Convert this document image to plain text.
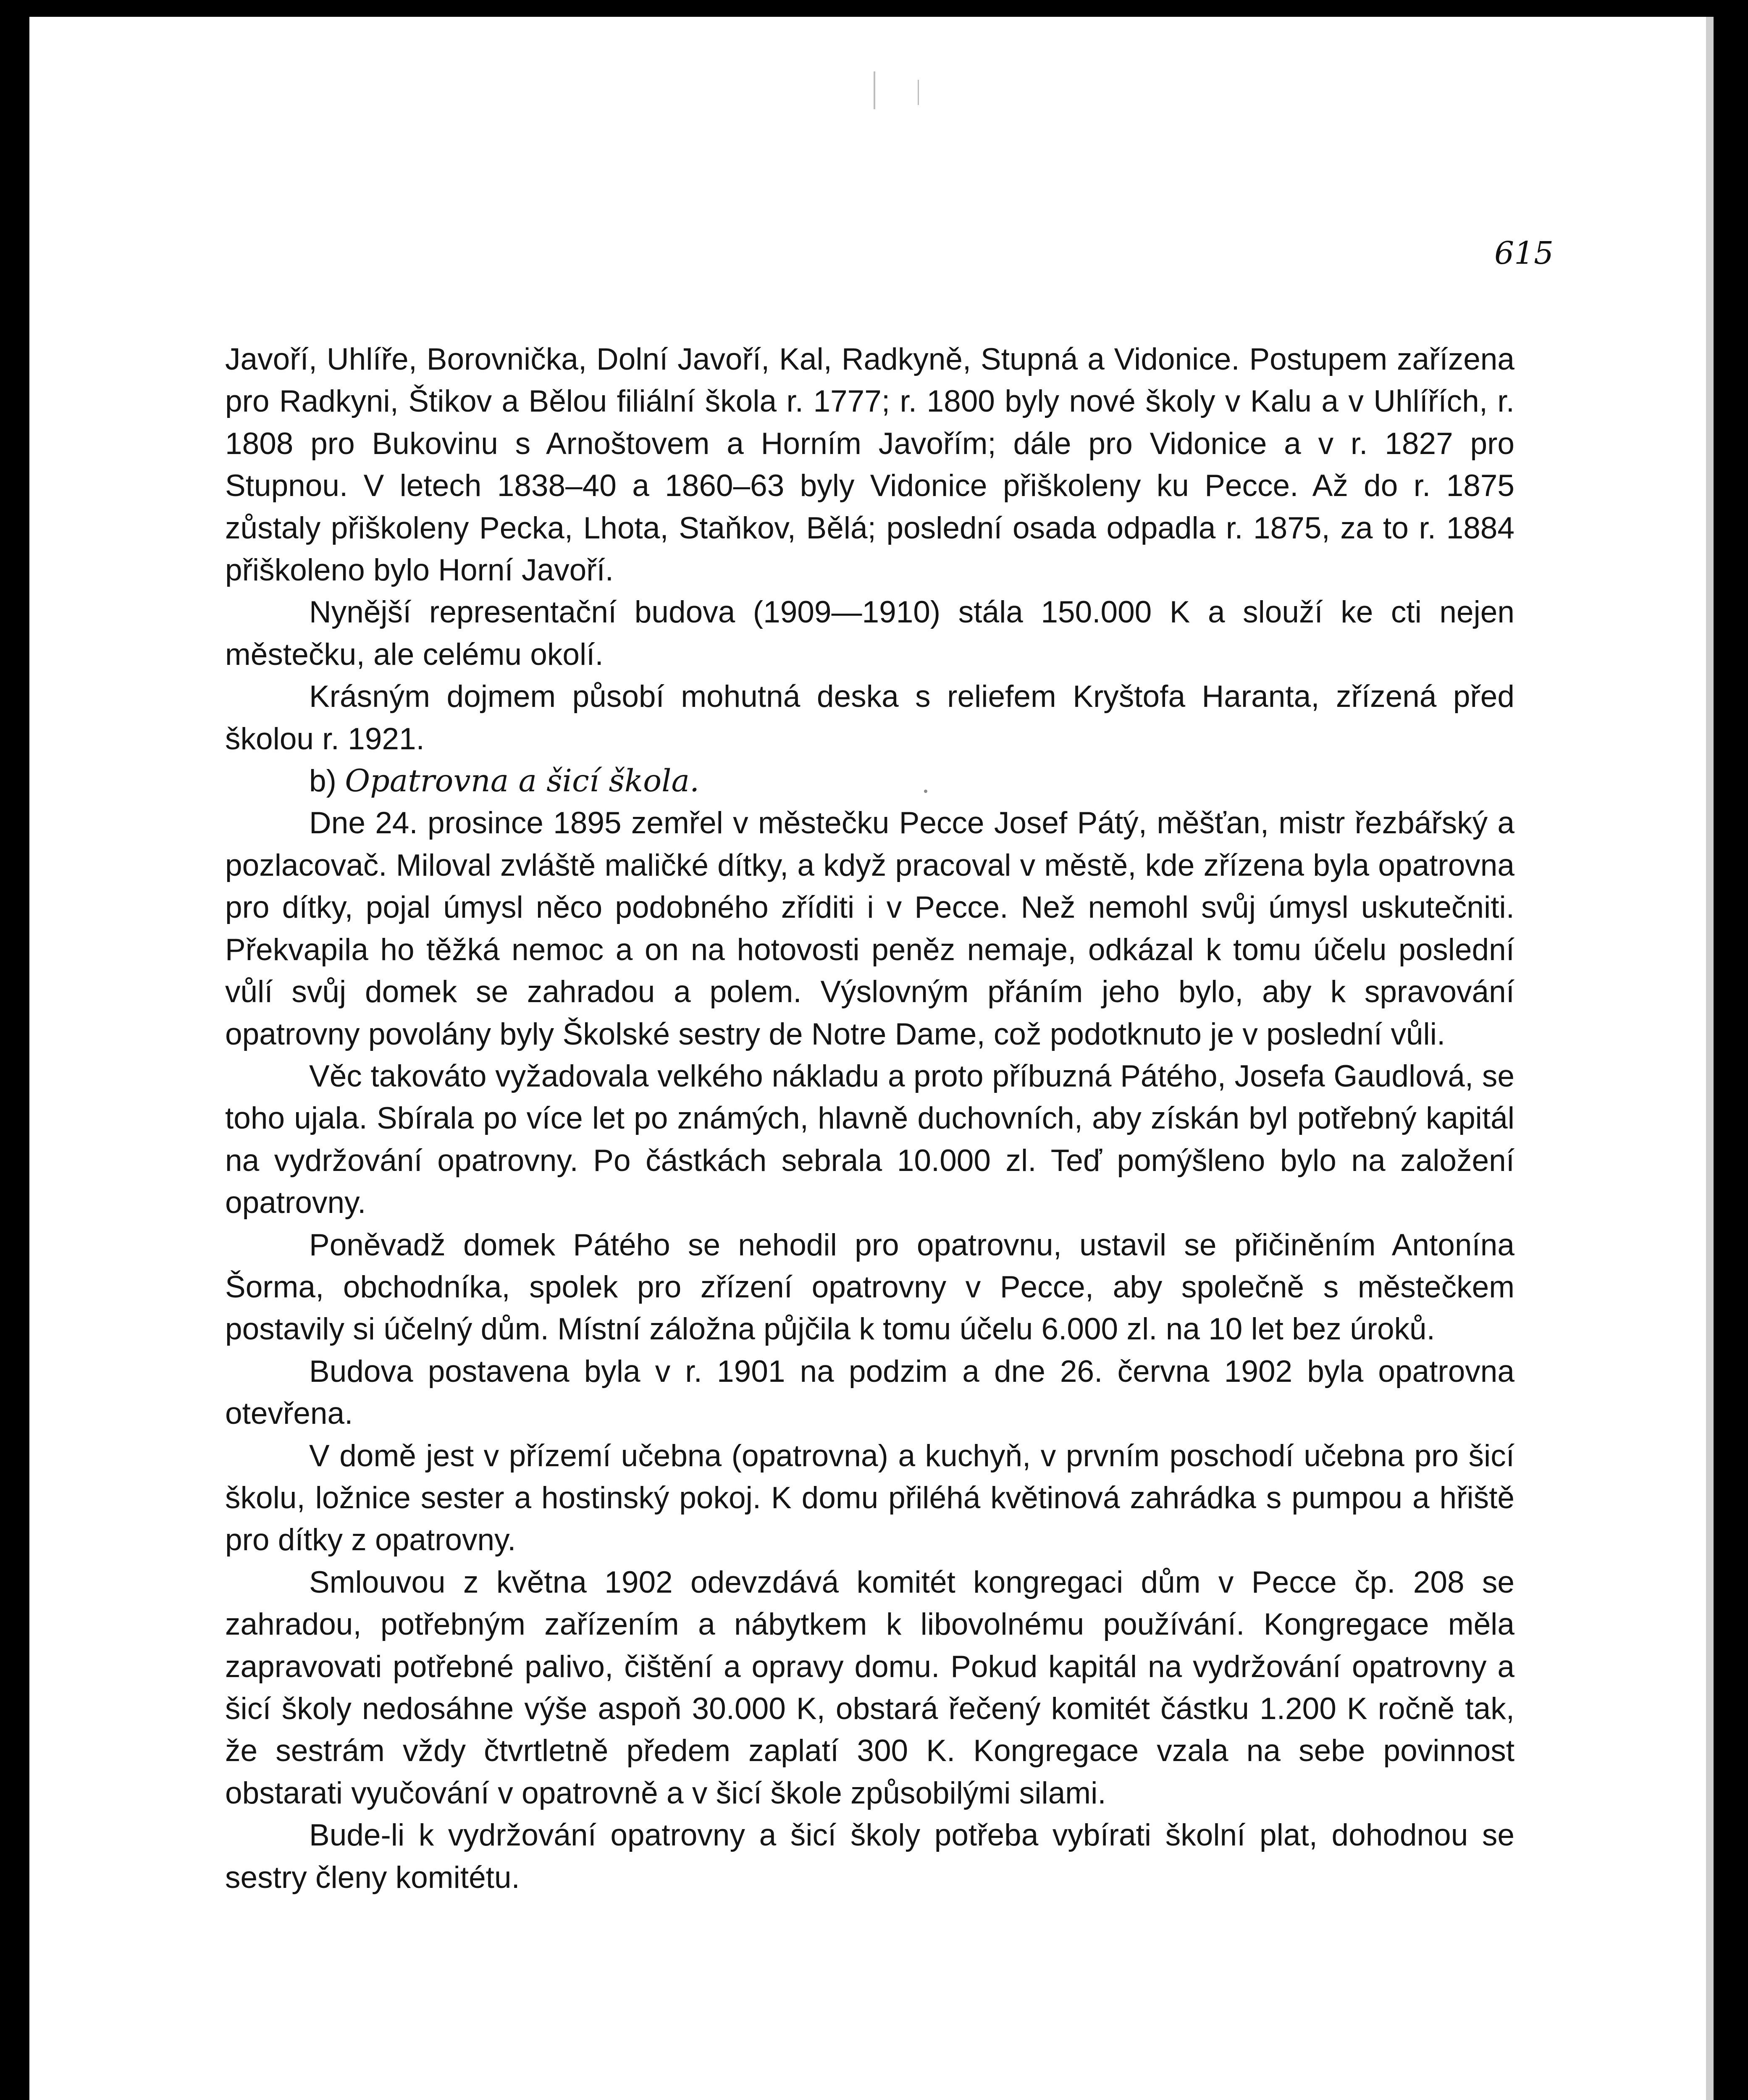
615

Javoří, Uhlíře, Borovnička, Dolní Javoří, Kal, Radkyně, Stupná a Vidonice. Postupem zařízena pro Radkyni, Štikov a Bělou filiální škola r. 1777; r. 1800 byly nové školy v Kalu a v Uhlířích, r. 1808 pro Bukovinu s Arnoštovem a Horním Javořím; dále pro Vidonice a v r. 1827 pro Stupnou. V letech 1838–40 a 1860–63 byly Vidonice přiškoleny ku Pecce. Až do r. 1875 zůstaly přiškoleny Pecka, Lhota, Staňkov, Bělá; poslední osada odpadla r. 1875, za to r. 1884 přiškoleno bylo Horní Javoří.

Nynější representační budova (1909—1910) stála 150.000 K a slouží ke cti nejen městečku, ale celému okolí.

Krásným dojmem působí mohutná deska s reliefem Kryštofa Haranta, zřízená před školou r. 1921.

b) Opatrovna a šicí škola.

Dne 24. prosince 1895 zemřel v městečku Pecce Josef Pátý, měšťan, mistr řezbářský a pozlacovač. Miloval zvláště maličké dítky, a když pracoval v městě, kde zřízena byla opatrovna pro dítky, pojal úmysl něco podobného zříditi i v Pecce. Než nemohl svůj úmysl uskutečniti. Překvapila ho těžká nemoc a on na hotovosti peněz nemaje, odkázal k tomu účelu poslední vůlí svůj domek se zahradou a polem. Výslovným přáním jeho bylo, aby k spravování opatrovny povolány byly Školské sestry de Notre Dame, což podotknuto je v poslední vůli.

Věc takováto vyžadovala velkého nákladu a proto příbuzná Pátého, Josefa Gaudlová, se toho ujala. Sbírala po více let po známých, hlavně duchovních, aby získán byl potřebný kapitál na vydržování opatrovny. Po částkách sebrala 10.000 zl. Teď pomýšleno bylo na založení opatrovny.

Poněvadž domek Pátého se nehodil pro opatrovnu, ustavil se přičiněním Antonína Šorma, obchodníka, spolek pro zřízení opatrovny v Pecce, aby společně s městečkem postavily si účelný dům. Místní záložna půjčila k tomu účelu 6.000 zl. na 10 let bez úroků.

Budova postavena byla v r. 1901 na podzim a dne 26. června 1902 byla opatrovna otevřena.

V domě jest v přízemí učebna (opatrovna) a kuchyň, v prvním poschodí učebna pro šicí školu, ložnice sester a hostinský pokoj. K domu přiléhá květinová zahrádka s pumpou a hřiště pro dítky z opatrovny.

Smlouvou z května 1902 odevzdává komitét kongregaci dům v Pecce čp. 208 se zahradou, potřebným zařízením a nábytkem k libovolnému používání. Kongregace měla zapravovati potřebné palivo, čištění a opravy domu. Pokud kapitál na vydržování opatrovny a šicí školy nedosáhne výše aspoň 30.000 K, obstará řečený komitét částku 1.200 K ročně tak, že sestrám vždy čtvrtletně předem zaplatí 300 K. Kongregace vzala na sebe povinnost obstarati vyučování v opatrovně a v šicí škole způsobilými silami.

Bude-li k vydržování opatrovny a šicí školy potřeba vybírati školní plat, dohodnou se sestry členy komitétu.
